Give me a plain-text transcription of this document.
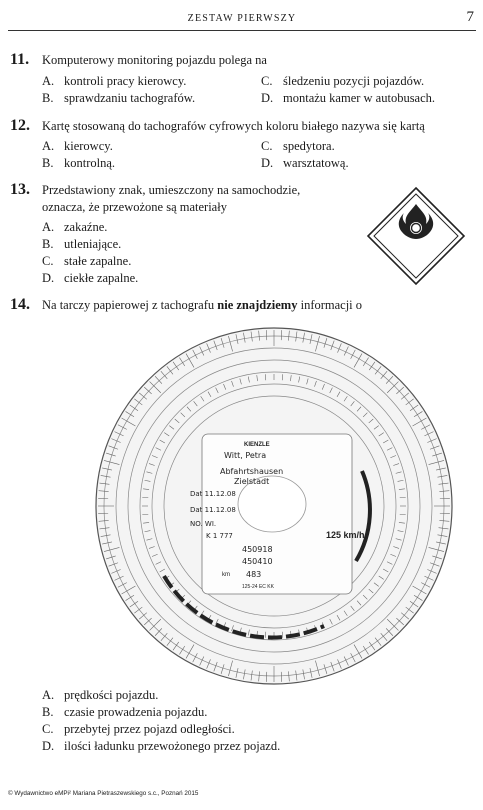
ZESTAW PIERWSZY	7
11. Komputerowy monitoring pojazdu polega na
A. kontroli pracy kierowcy.
B. sprawdzaniu tachografów.
C. śledzeniu pozycji pojazdów.
D. montażu kamer w autobusach.
12. Kartę stosowaną do tachografów cyfrowych koloru białego nazywa się kartą
A. kierowcy.
B. kontrolną.
C. spedytora.
D. warsztatową.
13. Przedstawiony znak, umieszczony na samochodzie,
oznacza, że przewożone są materiały
A. zakaźne.
B. utleniające.
C. stałe zapalne.
D. ciekłe zapalne.
14. Na tarczy papierowej z tachografu nie znajdziemy informacji o
KIENZLE
Witt, Petra
Abfahrtshausen
Zielstadt
Dat 11.12.08
Dat 11.12.08
NO. WI.
K 1 777	125 km/h
450918
450410
km 483
125-24 EC KK
A. prędkości pojazdu.
B. czasie prowadzenia pojazdu.
C. przebytej przez pojazd odległości.
D. ilości ładunku przewożonego przez pojazd.
© Wydawnictwo eMPi² Mariana Pietraszewskiego s.c., Poznań 2015
